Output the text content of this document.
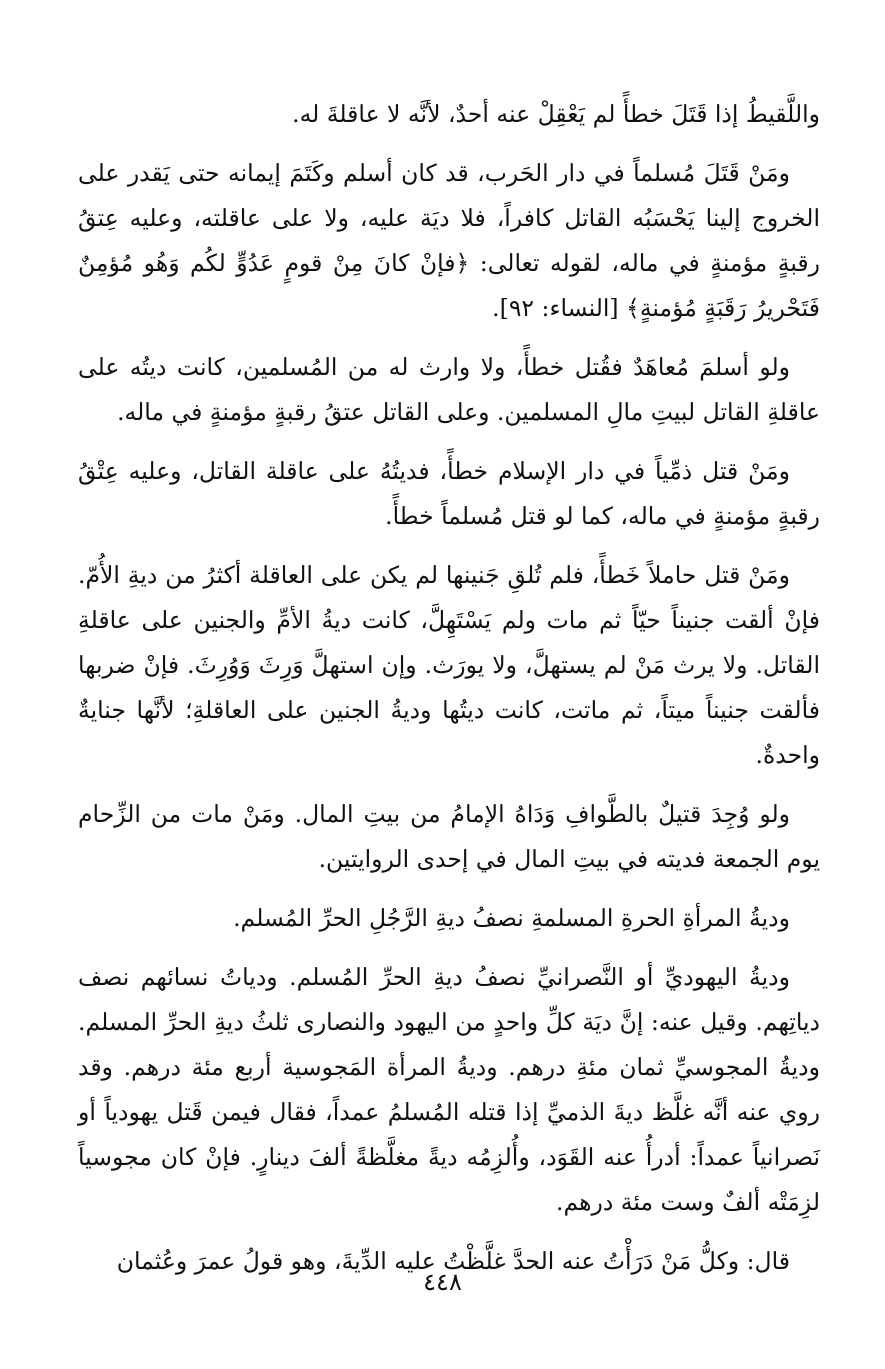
واللَّقيطُ إذا قَتَلَ خطأً لم يَعْقِلْ عنه أحدٌ، لأنَّه لا عاقلةَ له.

ومَنْ قَتَلَ مُسلماً في دار الحَرب، قد كان أسلم وكَتَمَ إيمانه حتى يَقدر على الخروج إلينا يَحْسَبُه القاتل كافراً، فلا ديَة عليه، ولا على عاقلته، وعليه عِتقُ رقبةٍ مؤمنةٍ في ماله، لقوله تعالى: ﴿فإنْ كانَ مِنْ قومٍ عَدُوٍّ لكُم وَهُو مُؤمِنٌ فَتَحْريرُ رَقَبَةٍ مُؤمنةٍ﴾ [النساء: ٩٢].

ولو أسلمَ مُعاهَدٌ فقُتل خطأً، ولا وارث له من المُسلمين، كانت ديتُه على عاقلةِ القاتل لبيتِ مالِ المسلمين. وعلى القاتل عتقُ رقبةٍ مؤمنةٍ في ماله.

ومَنْ قتل ذمِّياً في دار الإسلام خطأً، فديتُهُ على عاقلة القاتل، وعليه عِتْقُ رقبةٍ مؤمنةٍ في ماله، كما لو قتل مُسلماً خطأً.

ومَنْ قتل حاملاً خَطأً، فلم تُلقِ جَنينها لم يكن على العاقلة أكثرُ من ديةِ الأُمّ. فإنْ ألقت جنيناً حيّاً ثم مات ولم يَسْتَهِلَّ، كانت ديةُ الأمِّ والجنين على عاقلةِ القاتل. ولا يرث مَنْ لم يستهلَّ، ولا يورَث. وإن استهلَّ وَرِثَ وَوُرِثَ. فإنْ ضربها فألقت جنيناً ميتاً، ثم ماتت، كانت ديتُها وديةُ الجنين على العاقلةِ؛ لأنَّها جنايةٌ واحدةٌ.

ولو وُجِدَ قتيلٌ بالطَّوافِ وَدَاهُ الإمامُ من بيتِ المال. ومَنْ مات من الزِّحام يوم الجمعة فديته في بيتِ المال في إحدى الروايتين.

وديةُ المرأةِ الحرةِ المسلمةِ نصفُ ديةِ الرَّجُلِ الحرِّ المُسلم.

وديةُ اليهوديِّ أو النَّصرانيِّ نصفُ ديةِ الحرِّ المُسلم. ودياتُ نسائهم نصف دياتِهم. وقيل عنه: إنَّ ديَة كلِّ واحدٍ من اليهود والنصارى ثلثُ ديةِ الحرِّ المسلم. وديةُ المجوسيِّ ثمان مئةِ درهم. وديةُ المرأة المَجوسية أربع مئة درهم. وقد روي عنه أنَّه غلَّظ ديةَ الذميِّ إذا قتله المُسلمُ عمداً، فقال فيمن قَتل يهودياً أو نَصرانياً عمداً: أدرأُ عنه القَوَد، وأُلزِمُه ديةً مغلَّظةً ألفَ دينارٍ. فإنْ كان مجوسياً لزِمَتْه ألفٌ وست مئة درهم.

قال: وكلُّ مَنْ دَرَأْتُ عنه الحدَّ غلَّظْتُ عليه الدِّيةَ، وهو قولُ عمرَ وعُثمان

٤٤٨
